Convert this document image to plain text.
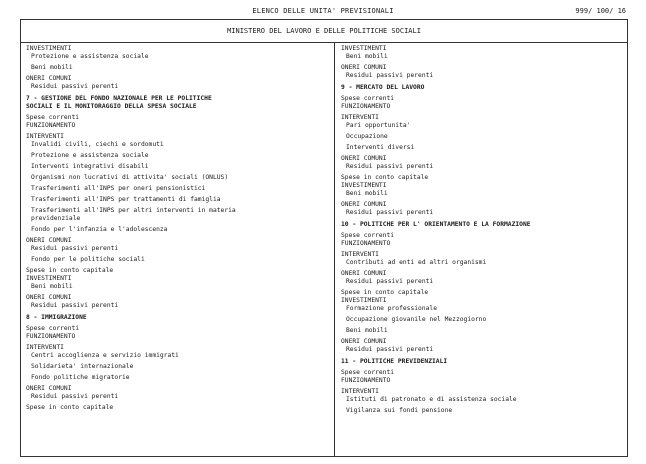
ELENCO DELLE UNITA' PREVISIONALI	999/ 100/ 16
MINISTERO DEL LAVORO E DELLE POLITICHE SOCIALI
INVESTIMENTI
Protezione e assistenza sociale
Beni mobili
ONERI COMUNI
Residui passivi perenti
7 - GESTIONE DEL FONDO NAZIONALE PER LE POLITICHE
SOCIALI E IL MONITORAGGIO DELLA SPESA SOCIALE
Spese correnti
FUNZIONAMENTO
INTERVENTI
Invalidi civili, ciechi e sordomuti
Protezione e assistenza sociale
Interventi integrativi disabili
Organismi non lucrativi di attivita' sociali (ONLUS)
Trasferimenti all'INPS per oneri pensionistici
Trasferimenti all'INPS per trattamenti di famiglia
Trasferimenti all'INPS per altri interventi in materia previdenziale
Fondo per l'infanzia e l'adolescenza
ONERI COMUNI
Residui passivi perenti
Fondo per le politiche sociali
Spese in conto capitale
INVESTIMENTI
Beni mobili
ONERI COMUNI
Residui passivi perenti
8 - IMMIGRAZIONE
Spese correnti
FUNZIONAMENTO
INTERVENTI
Centri accoglienza e servizio immigrati
Solidarieta' internazionale
Fondo politiche migratorie
ONERI COMUNI
Residui passivi perenti
Spese in conto capitale
INVESTIMENTI
Beni mobili
ONERI COMUNI
Residui passivi perenti
9 - MERCATO DEL LAVORO
Spese correnti
FUNZIONAMENTO
INTERVENTI
Pari opportunita'
Occupazione
Interventi diversi
ONERI COMUNI
Residui passivi perenti
Spese in conto capitale
INVESTIMENTI
Beni mobili
ONERI COMUNI
Residui passivi perenti
10 - POLITICHE PER L' ORIENTAMENTO E LA FORMAZIONE
Spese correnti
FUNZIONAMENTO
INTERVENTI
Contributi ad enti ed altri organismi
ONERI COMUNI
Residui passivi perenti
Spese in conto capitale
INVESTIMENTI
Formazione professionale
Occupazione giovanile nel Mezzogiorno
Beni mobili
ONERI COMUNI
Residui passivi perenti
11 - POLITICHE PREVIDENZIALI
Spese correnti
FUNZIONAMENTO
INTERVENTI
Istituti di patronato e di assistenza sociale
Vigilanza sui fondi pensione
